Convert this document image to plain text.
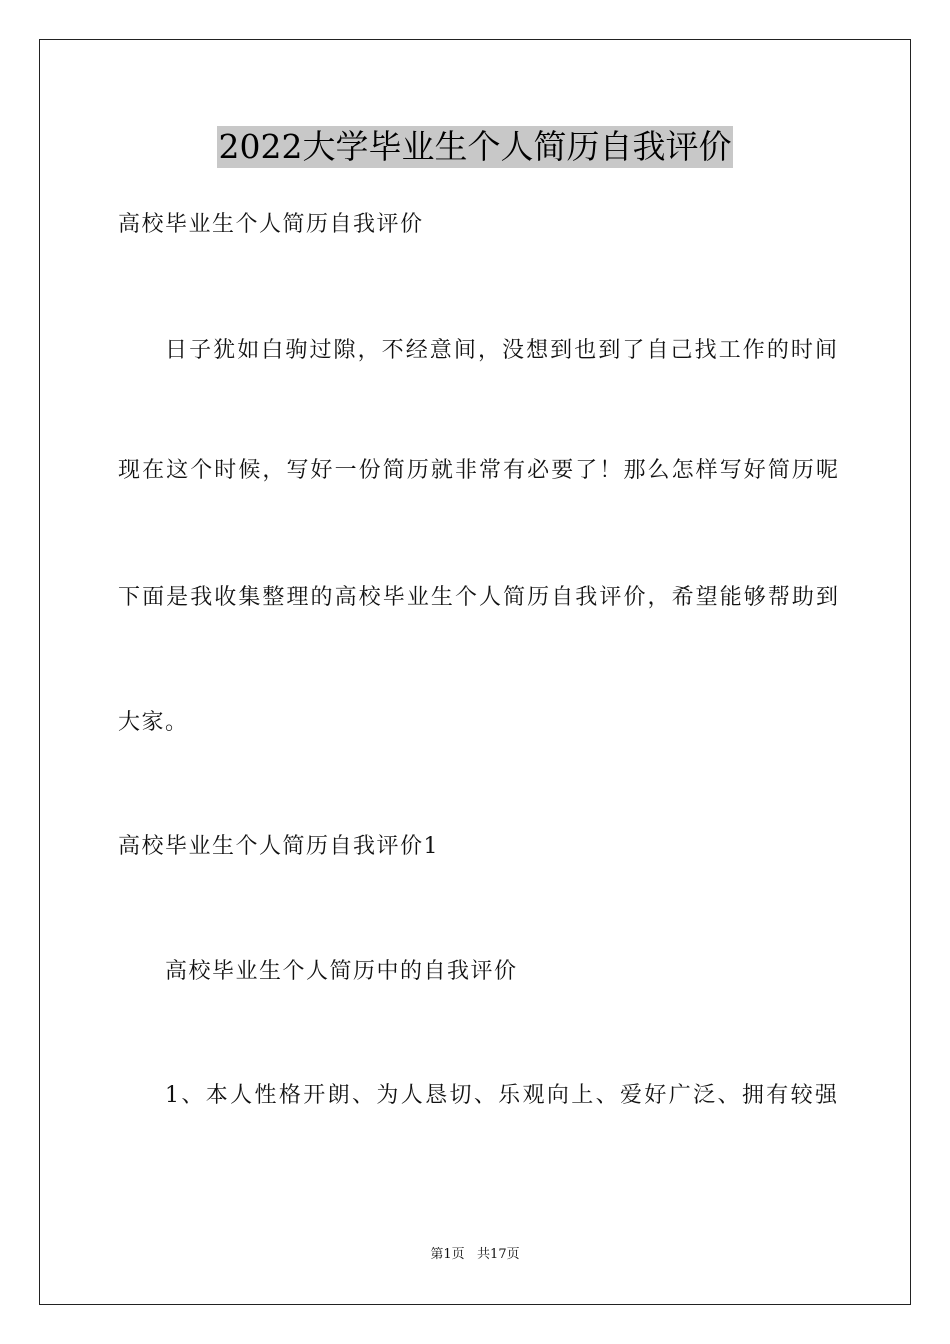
2022大学毕业生个人简历自我评价
高校毕业生个人简历自我评价
日子犹如白驹过隙，不经意间，没想到也到了自己找工作的时间
现在这个时候，写好一份简历就非常有必要了！那么怎样写好简历呢
下面是我收集整理的高校毕业生个人简历自我评价，希望能够帮助到
大家。
高校毕业生个人简历自我评价1
高校毕业生个人简历中的自我评价
1、本人性格开朗、为人恳切、乐观向上、爱好广泛、拥有较强
第1页   共17页
